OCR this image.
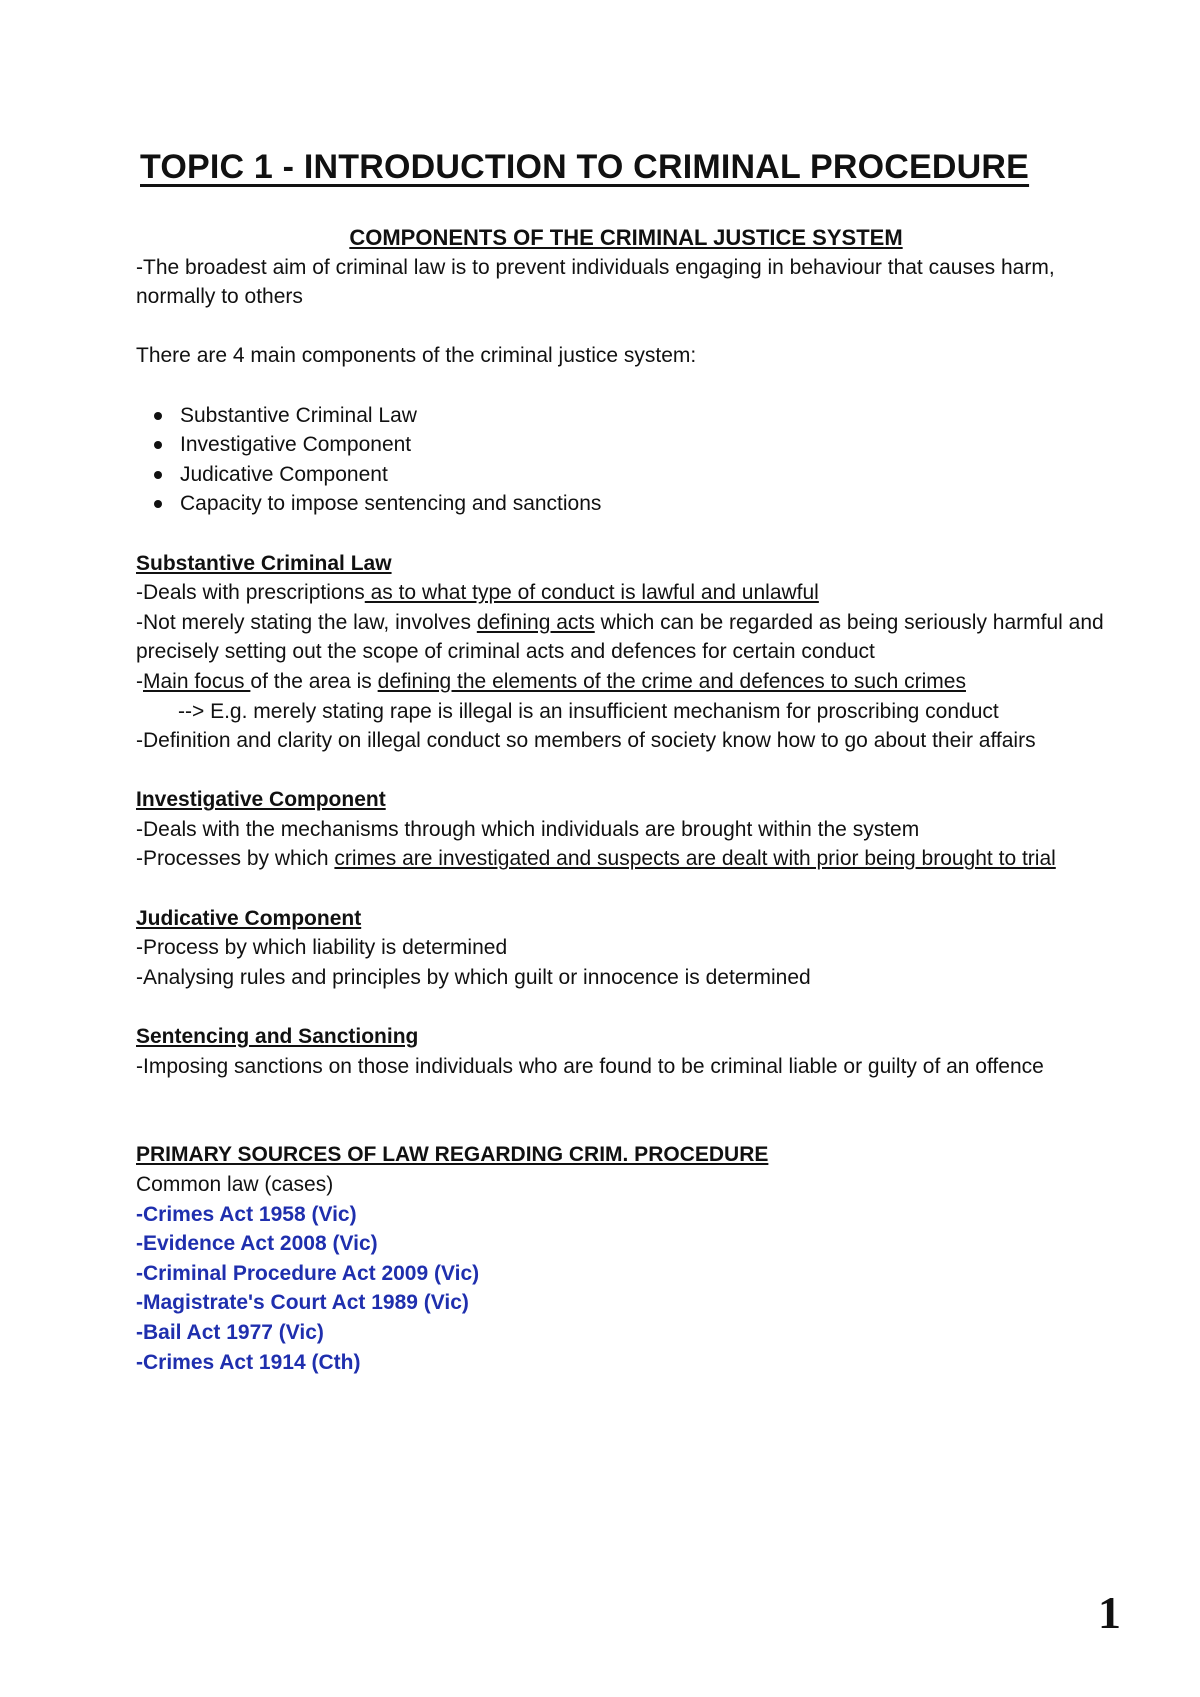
TOPIC 1 - INTRODUCTION TO CRIMINAL PROCEDURE
COMPONENTS OF THE CRIMINAL JUSTICE SYSTEM
-The broadest aim of criminal law is to prevent individuals engaging in behaviour that causes harm, normally to others
There are 4 main components of the criminal justice system:
Substantive Criminal Law
Investigative Component
Judicative Component
Capacity to impose sentencing and sanctions
Substantive Criminal Law
-Deals with prescriptions as to what type of conduct is lawful and unlawful
-Not merely stating the law, involves defining acts which can be regarded as being seriously harmful and precisely setting out the scope of criminal acts and defences for certain conduct
-Main focus of the area is defining the elements of the crime and defences to such crimes
--> E.g. merely stating rape is illegal is an insufficient mechanism for proscribing conduct
-Definition and clarity on illegal conduct so members of society know how to go about their affairs
Investigative Component
-Deals with the mechanisms through which individuals are brought within the system
-Processes by which crimes are investigated and suspects are dealt with prior being brought to trial
Judicative Component
-Process by which liability is determined
-Analysing rules and principles by which guilt or innocence is determined
Sentencing and Sanctioning
-Imposing sanctions on those individuals who are found to be criminal liable or guilty of an offence
PRIMARY SOURCES OF LAW REGARDING CRIM. PROCEDURE
Common law (cases)
-Crimes Act 1958 (Vic)
-Evidence Act 2008 (Vic)
-Criminal Procedure Act 2009 (Vic)
-Magistrate's Court Act 1989 (Vic)
-Bail Act 1977 (Vic)
-Crimes Act 1914 (Cth)
1
